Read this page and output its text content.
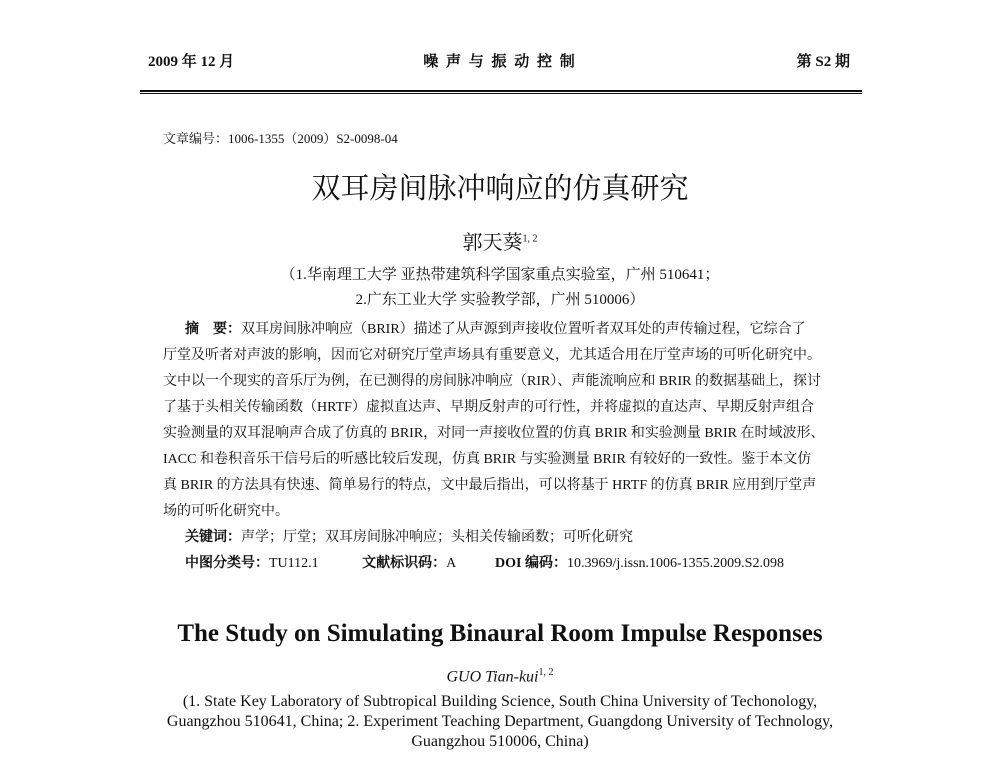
2009 年 12 月	噪 声 与 振 动 控 制	第 S2 期
文章编号：1006-1355（2009）S2-0098-04
双耳房间脉冲响应的仿真研究
郭天葵$^{1, 2}$
（1.华南理工大学 亚热带建筑科学国家重点实验室，广州 510641；
2.广东工业大学 实验教学部，广州 510006）
摘　要：双耳房间脉冲响应（BRIR）描述了从声源到声接收位置听者双耳处的声传输过程，它综合了
厅堂及听者对声波的影响，因而它对研究厅堂声场具有重要意义，尤其适合用在厅堂声场的可听化研究中。
文中以一个现实的音乐厅为例，在已测得的房间脉冲响应（RIR）、声能流响应和 BRIR 的数据基础上，探讨
了基于头相关传输函数（HRTF）虚拟直达声、早期反射声的可行性，并将虚拟的直达声、早期反射声组合
实验测量的双耳混响声合成了仿真的 BRIR，对同一声接收位置的仿真 BRIR 和实验测量 BRIR 在时域波形、
IACC 和卷积音乐干信号后的听感比较后发现，仿真 BRIR 与实验测量 BRIR 有较好的一致性。鉴于本文仿
真 BRIR 的方法具有快速、简单易行的特点，文中最后指出，可以将基于 HRTF 的仿真 BRIR 应用到厅堂声
场的可听化研究中。
关键词：声学；厅堂；双耳房间脉冲响应；头相关传输函数；可听化研究
中图分类号：TU112.1	文献标识码：A	DOI 编码：10.3969/j.issn.1006-1355.2009.S2.098
The Study on Simulating Binaural Room Impulse Responses
GUO Tian-kui$^{1, 2}$
(1. State Key Laboratory of Subtropical Building Science, South China University of Techonology,
Guangzhou 510641, China; 2. Experiment Teaching Department, Guangdong University of Technology,
Guangzhou 510006, China)
